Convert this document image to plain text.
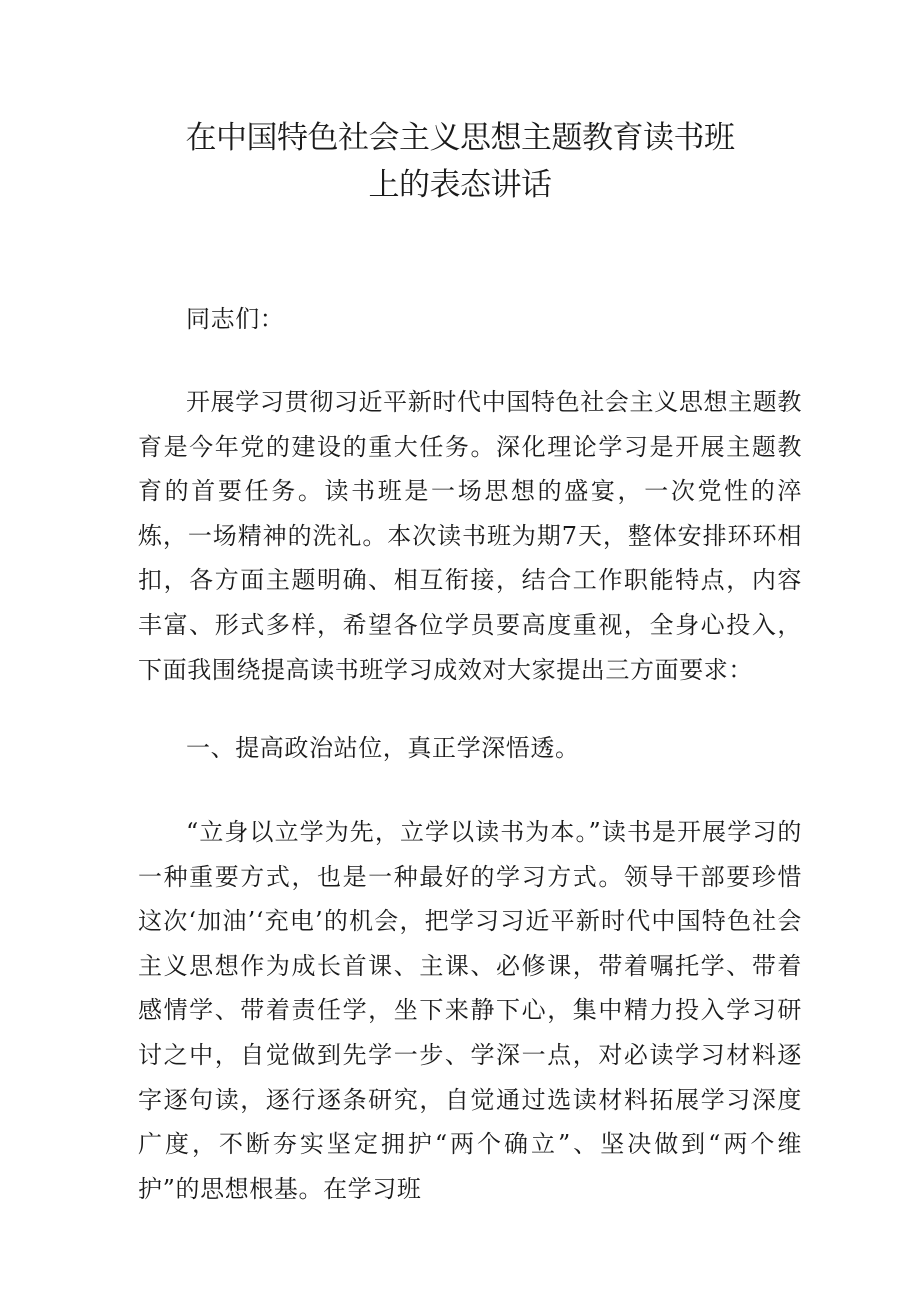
在中国特色社会主义思想主题教育读书班
上的表态讲话

同志们：

开展学习贯彻习近平新时代中国特色社会主义思想主题教育是今年党的建设的重大任务。深化理论学习是开展主题教育的首要任务。读书班是一场思想的盛宴，一次党性的淬炼，一场精神的洗礼。本次读书班为期7天，整体安排环环相扣，各方面主题明确、相互衔接，结合工作职能特点，内容丰富、形式多样，希望各位学员要高度重视，全身心投入，下面我围绕提高读书班学习成效对大家提出三方面要求：

一、提高政治站位，真正学深悟透。

“立身以立学为先，立学以读书为本。”读书是开展学习的一种重要方式，也是一种最好的学习方式。领导干部要珍惜这次‘加油’‘充电’的机会，把学习习近平新时代中国特色社会主义思想作为成长首课、主课、必修课，带着嘱托学、带着感情学、带着责任学，坐下来静下心，集中精力投入学习研讨之中，自觉做到先学一步、学深一点，对必读学习材料逐字逐句读，逐行逐条研究，自觉通过选读材料拓展学习深度广度，不断夯实坚定拥护“两个确立”、坚决做到“两个维护”的思想根基。在学习班
